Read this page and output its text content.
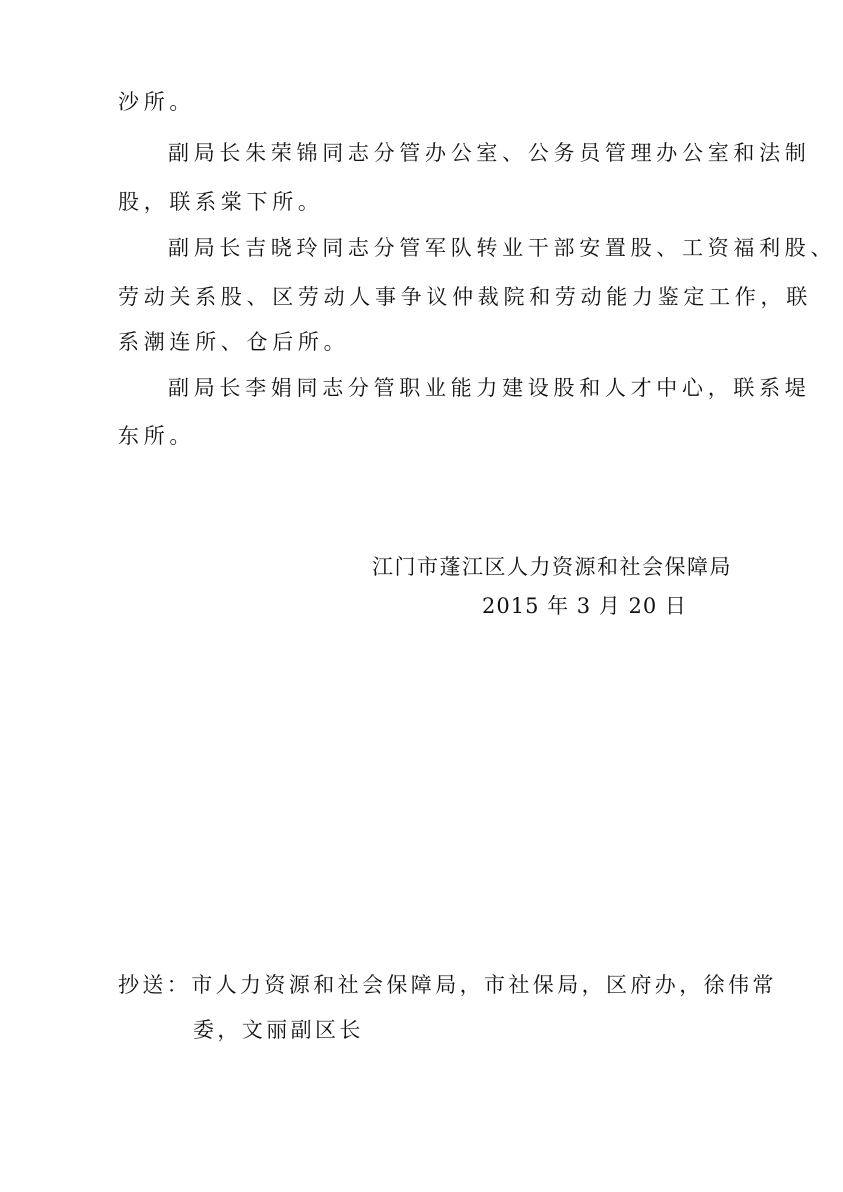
沙所。
副局长朱荣锦同志分管办公室、公务员管理办公室和法制
股，联系棠下所。
副局长吉晓玲同志分管军队转业干部安置股、工资福利股、
劳动关系股、区劳动人事争议仲裁院和劳动能力鉴定工作，联
系潮连所、仓后所。
副局长李娟同志分管职业能力建设股和人才中心，联系堤
东所。
江门市蓬江区人力资源和社会保障局
2015 年 3 月 20 日
抄送：市人力资源和社会保障局，市社保局，区府办，徐伟常
委，文丽副区长
